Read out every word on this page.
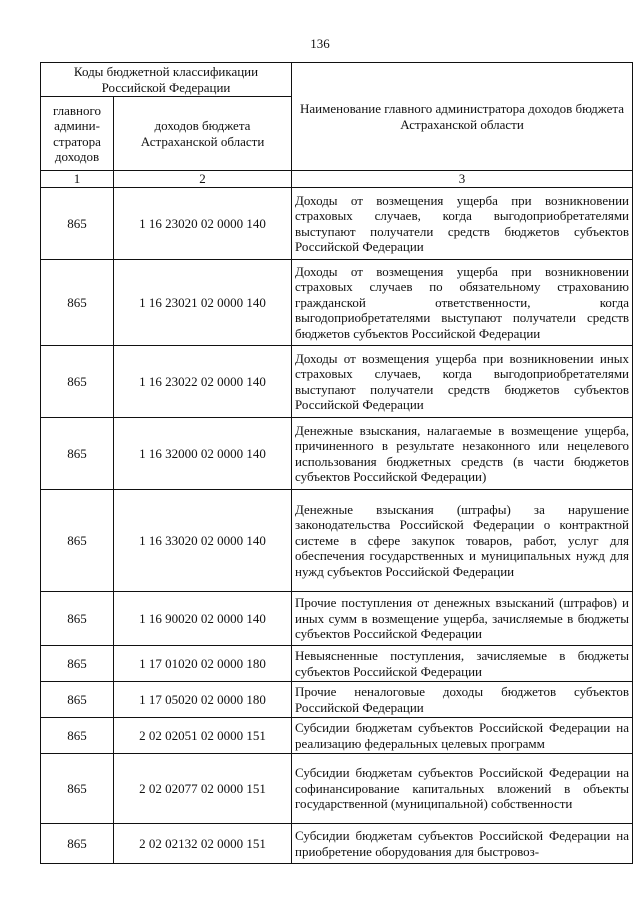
136
Коды бюджетной классификации Российской Федерации		Наименование главного администратора доходов бюджета Астраханской области
главного админи-стратора доходов	доходов бюджета Астраханской области	
1	2	3
865	1 16 23020 02 0000 140	Доходы от возмещения ущерба при возникновении страховых случаев, когда выгодоприобретателями выступают получатели средств бюджетов субъектов Российской Федерации
865	1 16 23021 02 0000 140	Доходы от возмещения ущерба при возникновении страховых случаев по обязательному страхованию гражданской ответственности, когда выгодоприобретателями выступают получатели средств бюджетов субъектов Российской Федерации
865	1 16 23022 02 0000 140	Доходы от возмещения ущерба при возникновении иных страховых случаев, когда выгодоприобретателями выступают получатели средств бюджетов субъектов Российской Федерации
865	1 16 32000 02 0000 140	Денежные взыскания, налагаемые в возмещение ущерба, причиненного в результате незаконного или нецелевого использования бюджетных средств (в части бюджетов субъектов Российской Федерации)
865	1 16 33020 02 0000 140	Денежные взыскания (штрафы) за нарушение законодательства Российской Федерации о контрактной системе в сфере закупок товаров, работ, услуг для обеспечения государственных и муниципальных нужд для нужд субъектов Российской Федерации
865	1 16 90020 02 0000 140	Прочие поступления от денежных взысканий (штрафов) и иных сумм в возмещение ущерба, зачисляемые в бюджеты субъектов Российской Федерации
865	1 17 01020 02 0000 180	Невыясненные поступления, зачисляемые в бюджеты субъектов Российской Федерации
865	1 17 05020 02 0000 180	Прочие неналоговые доходы бюджетов субъектов Российской Федерации
865	2 02 02051 02 0000 151	Субсидии бюджетам субъектов Российской Федерации на реализацию федеральных целевых программ
865	2 02 02077 02 0000 151	Субсидии бюджетам субъектов Российской Федерации на софинансирование капитальных вложений в объекты государственной (муниципальной) собственности
865	2 02 02132 02 0000 151	Субсидии бюджетам субъектов Российской Федерации на приобретение оборудования для быстровоз-
